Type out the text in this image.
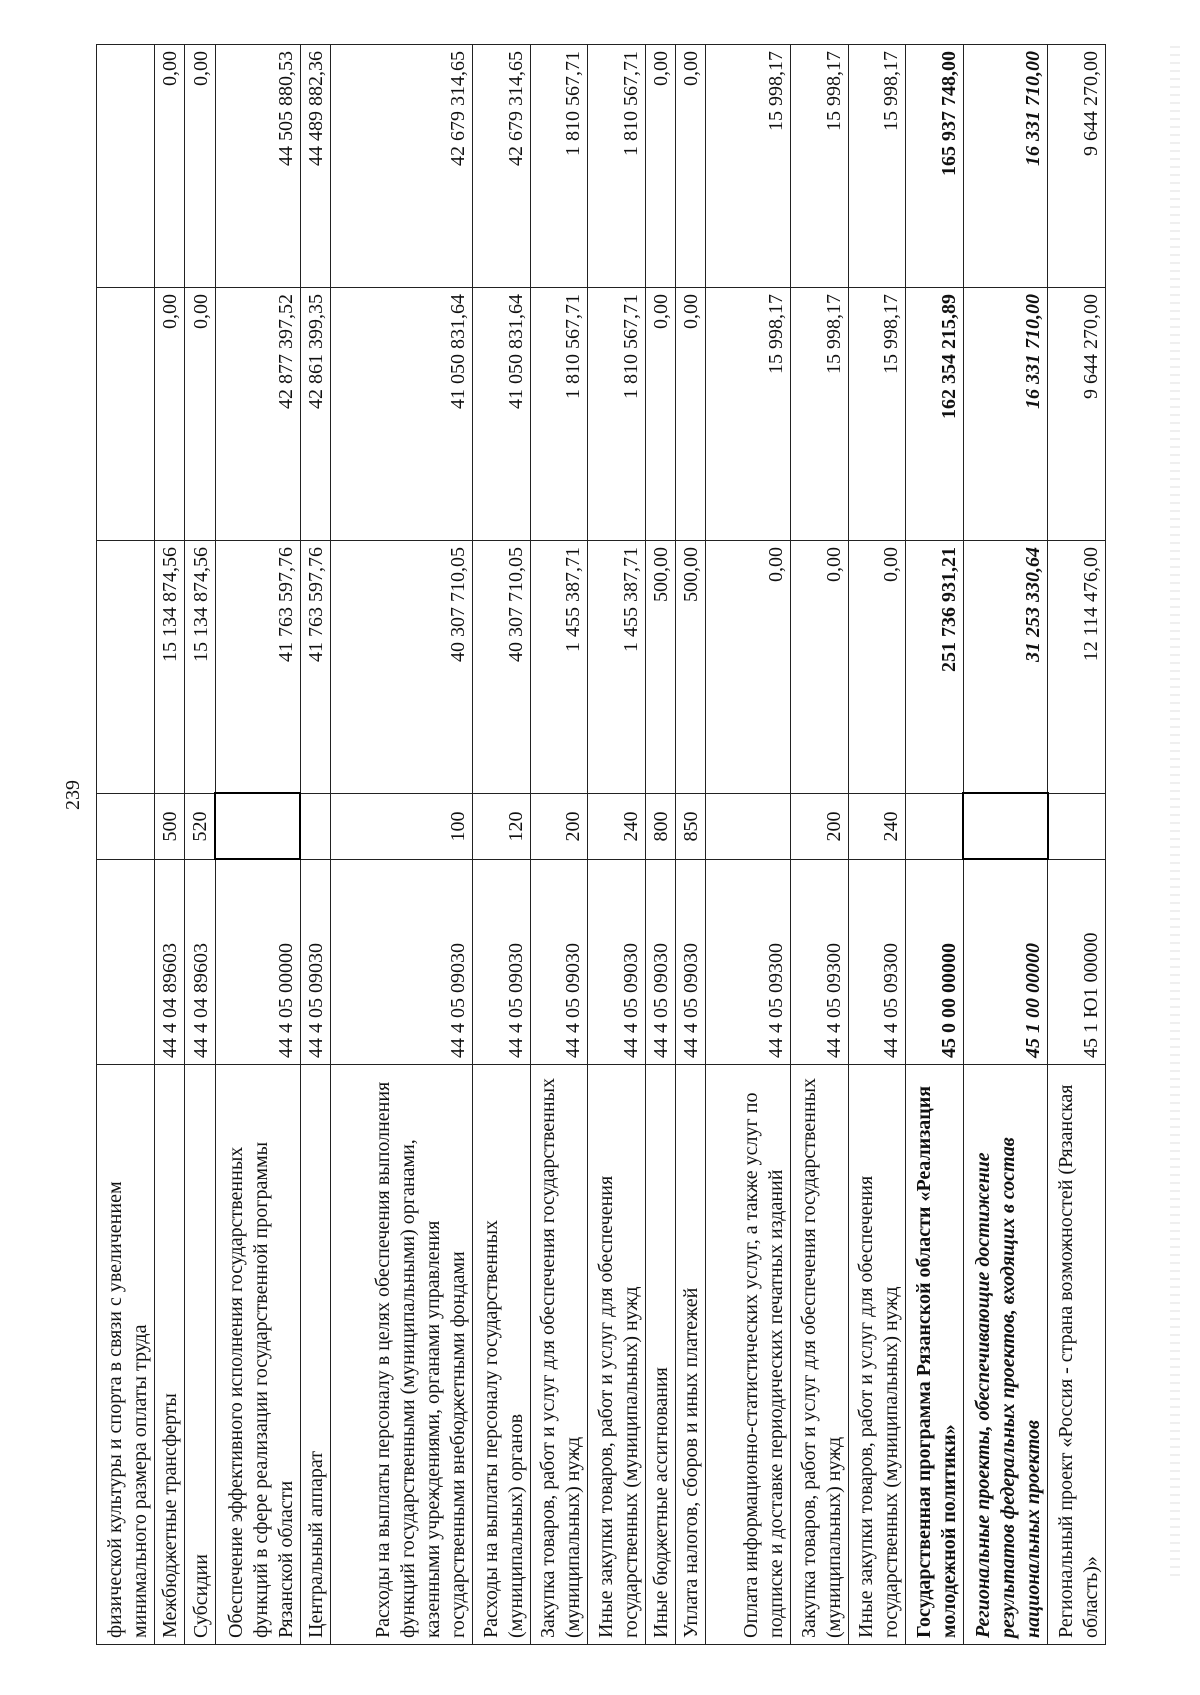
239
физической культуры и спорта в связи с увеличением минимального размера оплаты труда					
Межбюджетные трансферты	44 4 04 89603	500	15 134 874,56	0,00	0,00
Субсидии	44 4 04 89603	520	15 134 874,56	0,00	0,00
Обеспечение эффективного исполнения государственных функций в сфере реализации государственной программы Рязанской области	44 4 05 00000		41 763 597,76	42 877 397,52	44 505 880,53
Центральный аппарат	44 4 05 09030		41 763 597,76	42 861 399,35	44 489 882,36
Расходы на выплаты персоналу в целях обеспечения выполнения функций государственными (муниципальными) органами, казенными учреждениями, органами управления государственными внебюджетными фондами	44 4 05 09030	100	40 307 710,05	41 050 831,64	42 679 314,65
Расходы на выплаты персоналу государственных (муниципальных) органов	44 4 05 09030	120	40 307 710,05	41 050 831,64	42 679 314,65
Закупка товаров, работ и услуг для обеспечения государственных (муниципальных) нужд	44 4 05 09030	200	1 455 387,71	1 810 567,71	1 810 567,71
Иные закупки товаров, работ и услуг для обеспечения государственных (муниципальных) нужд	44 4 05 09030	240	1 455 387,71	1 810 567,71	1 810 567,71
Иные бюджетные ассигнования	44 4 05 09030	800	500,00	0,00	0,00
Уплата налогов, сборов и иных платежей	44 4 05 09030	850	500,00	0,00	0,00
Оплата информационно-статистических услуг, а также услуг по подписке и доставке периодических печатных изданий	44 4 05 09300		0,00	15 998,17	15 998,17
Закупка товаров, работ и услуг для обеспечения государственных (муниципальных) нужд	44 4 05 09300	200	0,00	15 998,17	15 998,17
Иные закупки товаров, работ и услуг для обеспечения государственных (муниципальных) нужд	44 4 05 09300	240	0,00	15 998,17	15 998,17
Государственная программа Рязанской области «Реализация молодежной политики»	45 0 00 00000		251 736 931,21	162 354 215,89	165 937 748,00
Региональные проекты, обеспечивающие достижение результатов федеральных проектов, входящих в состав национальных проектов	45 1 00 00000		31 253 330,64	16 331 710,00	16 331 710,00
Региональный проект «Россия - страна возможностей (Рязанская область)»	45 1 Ю1 00000		12 114 476,00	9 644 270,00	9 644 270,00
